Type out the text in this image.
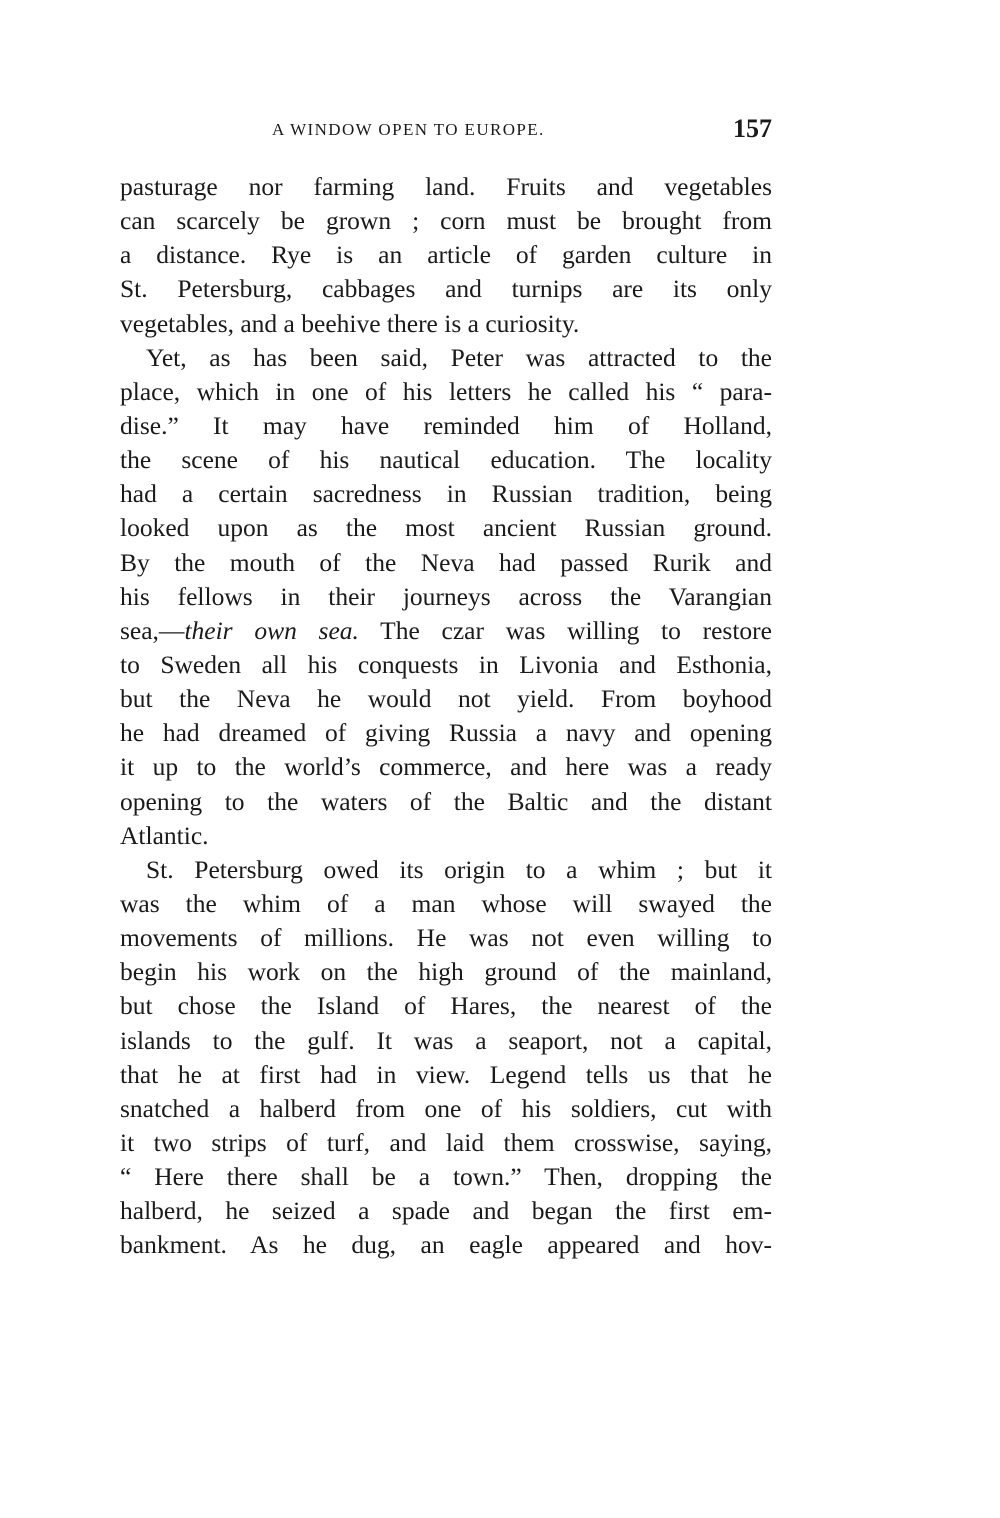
A WINDOW OPEN TO EUROPE.	157
pasturage nor farming land. Fruits and vegetables
can scarcely be grown ; corn must be brought from
a distance. Rye is an article of garden culture in
St. Petersburg, cabbages and turnips are its only
vegetables, and a beehive there is a curiosity.
Yet, as has been said, Peter was attracted to the
place, which in one of his letters he called his “ para-
dise.” It may have reminded him of Holland,
the scene of his nautical education. The locality
had a certain sacredness in Russian tradition, being
looked upon as the most ancient Russian ground.
By the mouth of the Neva had passed Rurik and
his fellows in their journeys across the Varangian
sea,—their own sea. The czar was willing to restore
to Sweden all his conquests in Livonia and Esthonia,
but the Neva he would not yield. From boyhood
he had dreamed of giving Russia a navy and opening
it up to the world’s commerce, and here was a ready
opening to the waters of the Baltic and the distant
Atlantic.
St. Petersburg owed its origin to a whim ; but it
was the whim of a man whose will swayed the
movements of millions. He was not even willing to
begin his work on the high ground of the mainland,
but chose the Island of Hares, the nearest of the
islands to the gulf. It was a seaport, not a capital,
that he at first had in view. Legend tells us that he
snatched a halberd from one of his soldiers, cut with
it two strips of turf, and laid them crosswise, saying,
“ Here there shall be a town.” Then, dropping the
halberd, he seized a spade and began the first em-
bankment. As he dug, an eagle appeared and hov-
